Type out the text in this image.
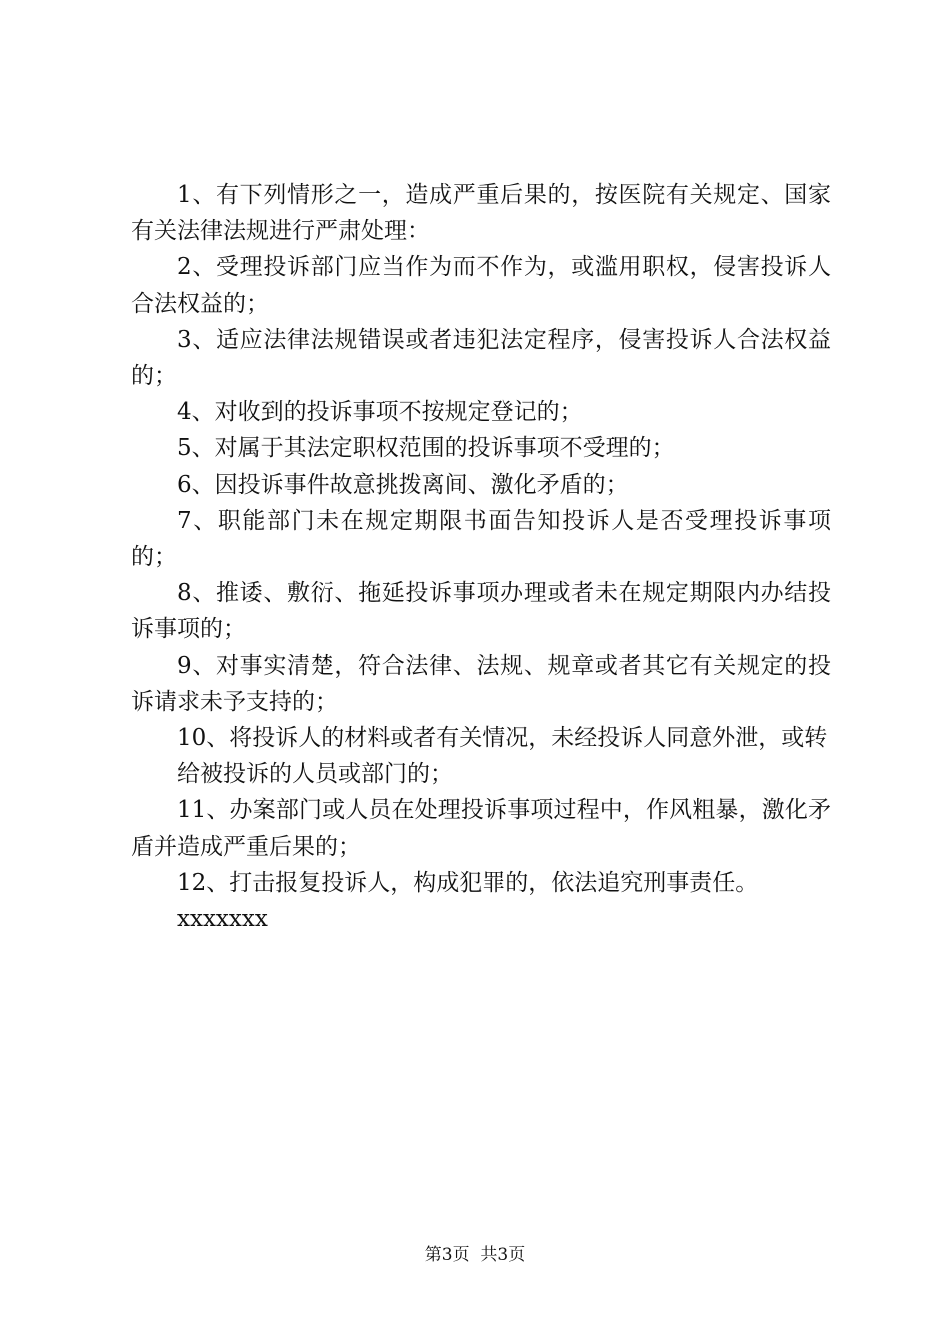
1、有下列情形之一，造成严重后果的，按医院有关规定、国家有关法律法规进行严肃处理：

2、受理投诉部门应当作为而不作为，或滥用职权，侵害投诉人合法权益的；

3、适应法律法规错误或者违犯法定程序，侵害投诉人合法权益的；

4、对收到的投诉事项不按规定登记的；

5、对属于其法定职权范围的投诉事项不受理的；

6、因投诉事件故意挑拨离间、激化矛盾的；

7、职能部门未在规定期限书面告知投诉人是否受理投诉事项的；

8、推诿、敷衍、拖延投诉事项办理或者未在规定期限内办结投诉事项的；

9、对事实清楚，符合法律、法规、规章或者其它有关规定的投诉请求未予支持的；

10、将投诉人的材料或者有关情况，未经投诉人同意外泄，或转

给被投诉的人员或部门的；

11、办案部门或人员在处理投诉事项过程中，作风粗暴，激化矛盾并造成严重后果的；

12、打击报复投诉人，构成犯罪的，依法追究刑事责任。

xxxxxxx

第3页  共3页
